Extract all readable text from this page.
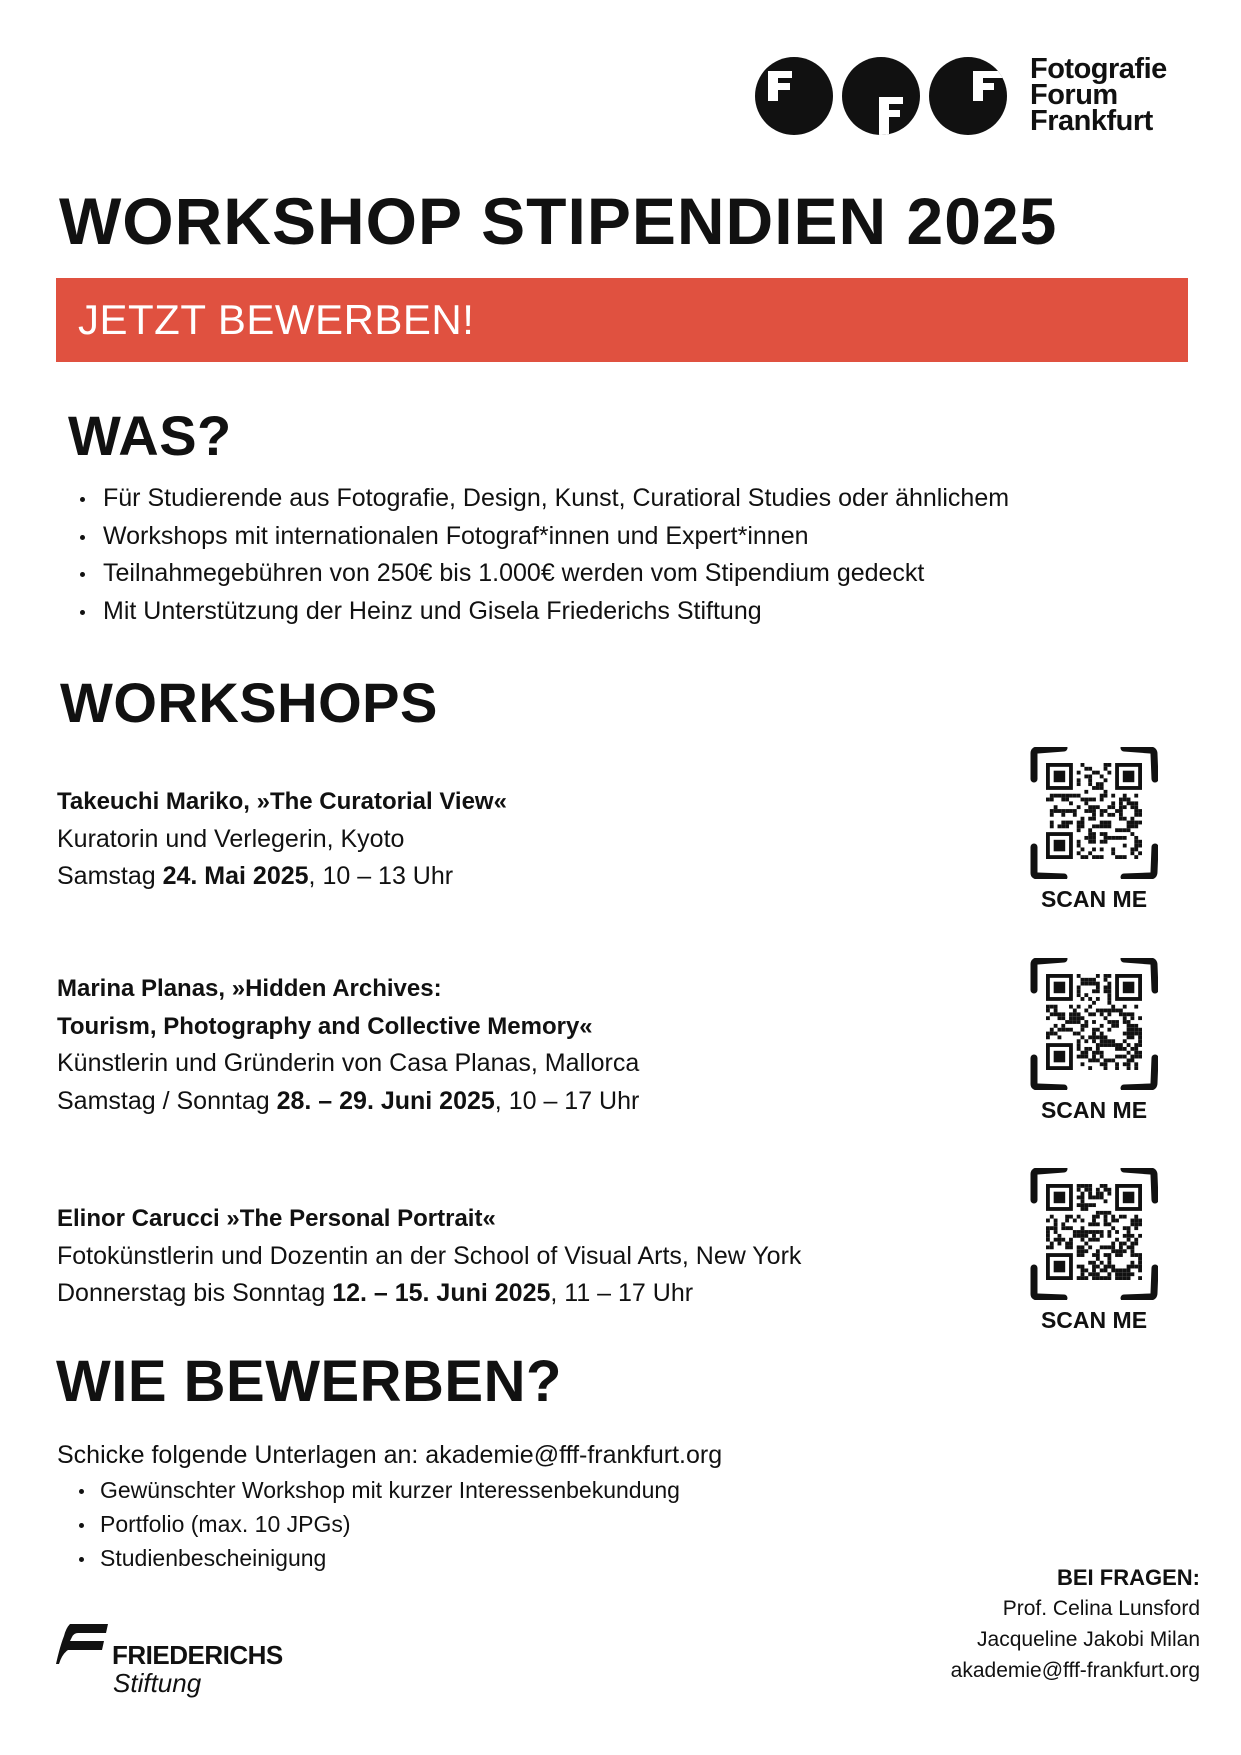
Fotografie
Forum
Frankfurt
WORKSHOP STIPENDIEN 2025
JETZT BEWERBEN!
WAS?
Für Studierende aus Fotografie, Design, Kunst, Curatioral Studies oder ähnlichem
Workshops mit internationalen Fotograf*innen und Expert*innen
Teilnahmegebühren von 250€ bis 1.000€ werden vom Stipendium gedeckt
Mit Unterstützung der Heinz und Gisela Friederichs Stiftung
WORKSHOPS
Takeuchi Mariko, »The Curatorial View«
Kuratorin und Verlegerin, Kyoto
Samstag 24. Mai 2025, 10 – 13 Uhr
Marina Planas, »Hidden Archives:
Tourism, Photography and Collective Memory«
Künstlerin und Gründerin von Casa Planas, Mallorca
Samstag / Sonntag 28. – 29. Juni 2025, 10 – 17 Uhr
Elinor Carucci »The Personal Portrait«
Fotokünstlerin und Dozentin an der School of Visual Arts, New York
Donnerstag bis Sonntag 12. – 15. Juni 2025, 11 – 17 Uhr
SCAN ME
SCAN ME
SCAN ME
WIE BEWERBEN?
Schicke folgende Unterlagen an: akademie@fff-frankfurt.org
Gewünschter Workshop mit kurzer Interessenbekundung
Portfolio (max. 10 JPGs)
Studienbescheinigung
BEI FRAGEN:
Prof. Celina Lunsford
Jacqueline Jakobi Milan
akademie@fff-frankfurt.org
FRIEDERICHS
Stiftung
